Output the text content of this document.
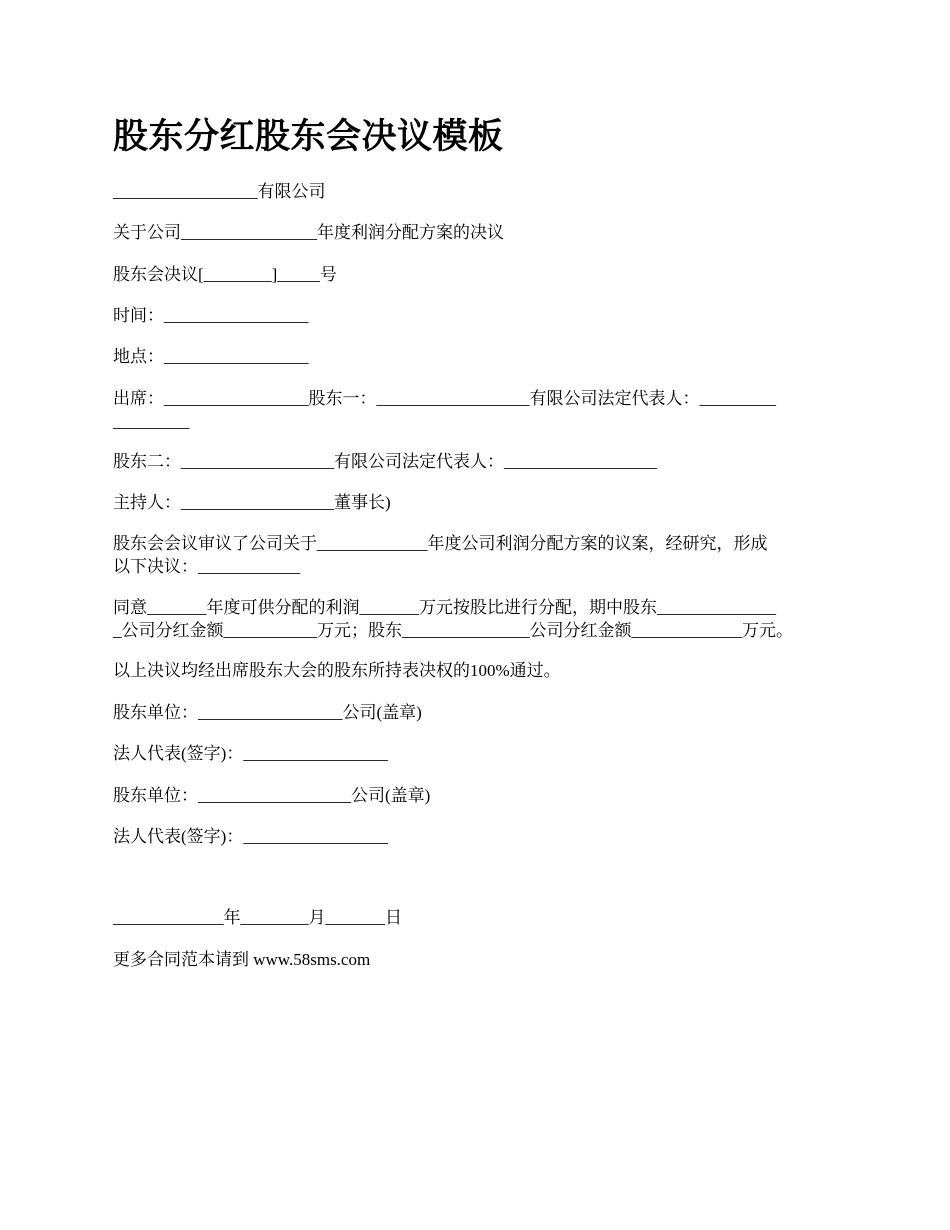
股东分红股东会决议模板

_________________有限公司

关于公司________________年度利润分配方案的决议

股东会决议[________]_____号

时间：_________________

地点：_________________

出席：_________________股东一：__________________有限公司法定代表人：_________
_________

股东二：__________________有限公司法定代表人：__________________

主持人：__________________董事长)

股东会会议审议了公司关于_____________年度公司利润分配方案的议案，经研究，形成
以下决议：____________

同意_______年度可供分配的利润_______万元按股比进行分配，期中股东______________
_公司分红金额___________万元；股东_______________公司分红金额_____________万元。

以上决议均经出席股东大会的股东所持表决权的100%通过。

股东单位：_________________公司(盖章)

法人代表(签字)：_________________

股东单位：__________________公司(盖章)

法人代表(签字)：_________________

_____________年________月_______日

更多合同范本请到 www.58sms.com
